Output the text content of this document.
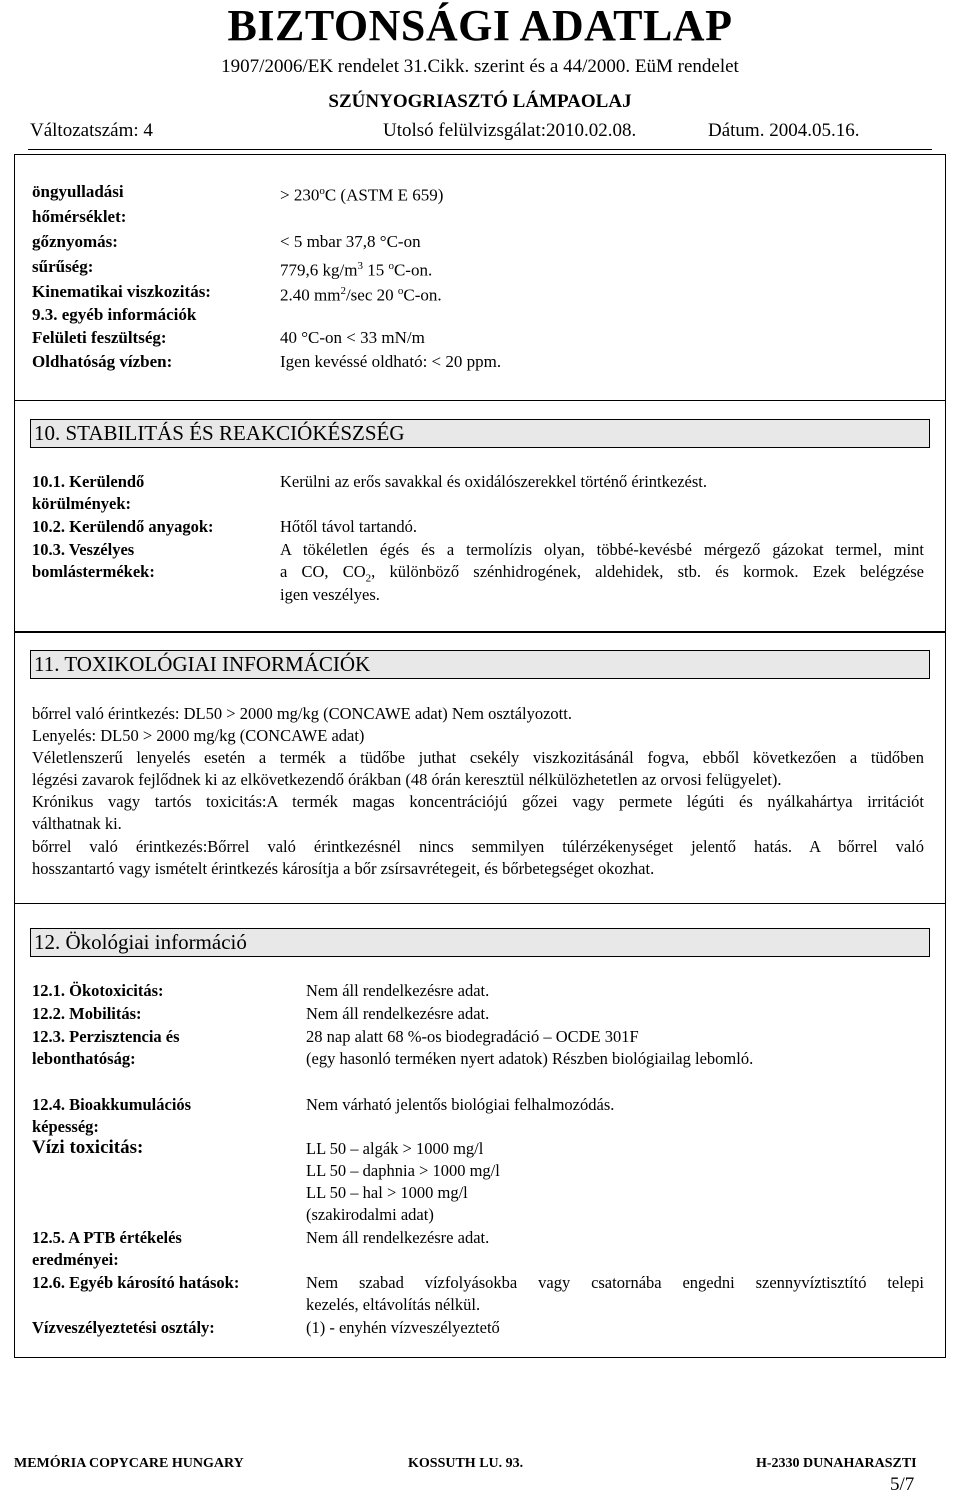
BIZTONSÁGI ADATLAP
1907/2006/EK rendelet 31.Cikk. szerint és a 44/2000. EüM rendelet
SZÚNYOGRIASZTÓ LÁMPAOLAJ
Változatszám: 4	Utolsó felülvizsgálat:2010.02.08.	Dátum. 2004.05.16.
öngyulladási	> $230^oC$ (ASTM E 659)
hőmérséklet:
gőznyomás:	< 5 mbar 37,8 °C-on
sűrűség:	779,6 $kg/m^3$ 15 $^o$C-on.
Kinematikai viszkozitás:	2.40 $mm^2/\sec$ 20 $^o$C-on.
9.3. egyéb információk
Felületi feszültség:	40 °C-on < 33 mN/m
Oldhatóság vízben:	Igen kevéssé oldható: < 20 ppm.
10. STABILITÁS ÉS REAKCIÓKÉSZSÉG
10.1. Kerülendő
körülmények:
Kerülni az erős savakkal és oxidálószerekkel történő érintkezést.
10.2. Kerülendő anyagok:	Hőtől távol tartandó.
10.3. Veszélyes
bomlástermékek:
A tökéletlen égés és a termolízis olyan, többé-kevésbé mérgező gázokat termel, mint
a CO, $CO_2$, különböző szénhidrogének, aldehidek, stb. és kormok. Ezek belégzése
igen veszélyes.
11. TOXIKOLÓGIAI INFORMÁCIÓK
bőrrel való érintkezés: DL50 > 2000 mg/kg (CONCAWE adat) Nem osztályozott.
Lenyelés: DL50 > 2000 mg/kg (CONCAWE adat)
Véletlenszerű lenyelés esetén a termék a tüdőbe juthat csekély viszkozitásánál fogva, ebből következően a tüdőben
légzési zavarok fejlődnek ki az elkövetkezendő órákban (48 órán keresztül nélkülözhetetlen az orvosi felügyelet).
Krónikus vagy tartós toxicitás:A termék magas koncentrációjú gőzei vagy permete légúti és nyálkahártya irritációt
válthatnak ki.
bőrrel való érintkezés:Bőrrel való érintkezésnél nincs semmilyen túlérzékenységet jelentő hatás. A bőrrel való
hosszantartó vagy ismételt érintkezés károsítja a bőr zsírsavrétegeit, és bőrbetegséget okozhat.
12. Ökológiai információ
12.1. Ökotoxicitás:	Nem áll rendelkezésre adat.
12.2. Mobilitás:	Nem áll rendelkezésre adat.
12.3. Perzisztencia és
lebonthatóság:
28 nap alatt 68 %-os biodegradáció – OCDE 301F
(egy hasonló terméken nyert adatok) Részben biológiailag lebomló.
12.4. Bioakkumulációs
képesség:
Nem várható jelentős biológiai felhalmozódás.
Vízi toxicitás:	LL 50 – algák > 1000 mg/l
LL 50 – daphnia > 1000 mg/l
LL 50 – hal > 1000 mg/l
(szakirodalmi adat)
12.5. A PTB értékelés
eredményei:
Nem áll rendelkezésre adat.
12.6. Egyéb károsító hatások:	Nem szabad vízfolyásokba vagy csatornába engedni szennyvíztisztító telepi
kezelés, eltávolítás nélkül.
Vízveszélyeztetési osztály:	(1) - enyhén vízveszélyeztető
MEMÓRIA COPYCARE HUNGARY	KOSSUTH LU. 93.	H-2330 DUNAHARASZTI
5/7
